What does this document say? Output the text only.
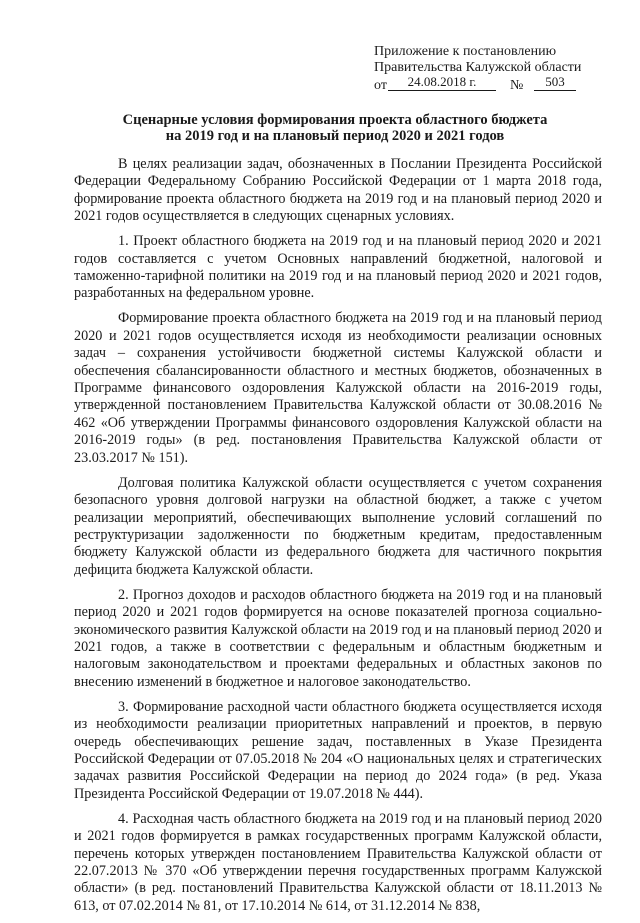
Приложение к постановлению
Правительства Калужской области
от	24.08.2018 г.	№	503
Сценарные условия формирования проекта областного бюджета
на 2019 год и на плановый период 2020 и 2021 годов

В целях реализации задач, обозначенных в Послании Президента Российской Федерации Федеральному Собранию Российской Федерации от 1 марта 2018 года, формирование проекта областного бюджета на 2019 год и на плановый период 2020 и 2021 годов осуществляется в следующих сценарных условиях.

1. Проект областного бюджета на 2019 год и на плановый период 2020 и 2021 годов составляется с учетом Основных направлений бюджетной, налоговой и таможенно-тарифной политики на 2019 год и на плановый период 2020 и 2021 годов, разработанных на федеральном уровне.

Формирование проекта областного бюджета на 2019 год и на плановый период 2020 и 2021 годов осуществляется исходя из необходимости реализации основных задач – сохранения устойчивости бюджетной системы Калужской области и обеспечения сбалансированности областного и местных бюджетов, обозначенных в Программе финансового оздоровления Калужской области на 2016-2019 годы, утвержденной постановлением Правительства Калужской области от 30.08.2016 № 462 «Об утверждении Программы финансового оздоровления Калужской области на 2016-2019 годы» (в ред. постановления Правительства Калужской области от 23.03.2017 № 151).

Долговая политика Калужской области осуществляется с учетом сохранения безопасного уровня долговой нагрузки на областной бюджет, а также с учетом реализации мероприятий, обеспечивающих выполнение условий соглашений по реструктуризации задолженности по бюджетным кредитам, предоставленным бюджету Калужской области из федерального бюджета для частичного покрытия дефицита бюджета Калужской области.

2. Прогноз доходов и расходов областного бюджета на 2019 год и на плановый период 2020 и 2021 годов формируется на основе показателей прогноза социально-экономического развития Калужской области на 2019 год и на плановый период 2020 и 2021 годов, а также в соответствии с федеральным и областным бюджетным и налоговым законодательством и проектами федеральных и областных законов по внесению изменений в бюджетное и налоговое законодательство.

3. Формирование расходной части областного бюджета осуществляется исходя из необходимости реализации приоритетных направлений и проектов, в первую очередь обеспечивающих решение задач, поставленных в Указе Президента Российской Федерации от 07.05.2018 № 204 «О национальных целях и стратегических задачах развития Российской Федерации на период до 2024 года» (в ред. Указа Президента Российской Федерации от 19.07.2018 № 444).

4. Расходная часть областного бюджета на 2019 год и на плановый период 2020 и 2021 годов формируется в рамках государственных программ Калужской области, перечень которых утвержден постановлением Правительства Калужской области от 22.07.2013 № 370 «Об утверждении перечня государственных программ Калужской области» (в ред. постановлений Правительства Калужской области от 18.11.2013 № 613, от 07.02.2014 № 81, от 17.10.2014 № 614, от 31.12.2014 № 838,
